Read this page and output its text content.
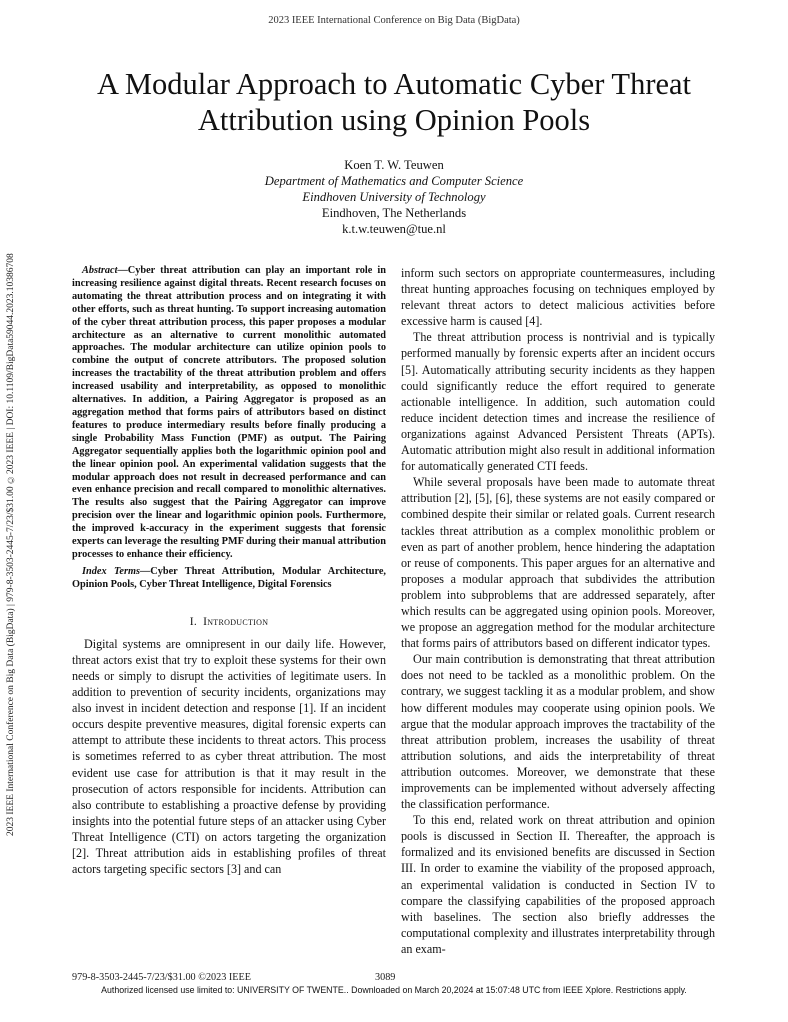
2023 IEEE International Conference on Big Data (BigData)
2023 IEEE International Conference on Big Data (BigData) | 979-8-3503-2445-7/23/$31.00 ©2023 IEEE | DOI: 10.1109/BigData59044.2023.10386708
A Modular Approach to Automatic Cyber Threat
Attribution using Opinion Pools
Koen T. W. Teuwen
Department of Mathematics and Computer Science
Eindhoven University of Technology
Eindhoven, The Netherlands
k.t.w.teuwen@tue.nl

Abstract—Cyber threat attribution can play an important role in increasing resilience against digital threats. Recent research focuses on automating the threat attribution process and on integrating it with other efforts, such as threat hunting. To support increasing automation of the cyber threat attribution process, this paper proposes a modular architecture as an alternative to current monolithic automated approaches. The modular architecture can utilize opinion pools to combine the output of concrete attributors. The proposed solution increases the tractability of the threat attribution problem and offers increased usability and interpretability, as opposed to monolithic alternatives. In addition, a Pairing Aggregator is proposed as an aggregation method that forms pairs of attributors based on distinct features to produce intermediary results before finally producing a single Probability Mass Function (PMF) as output. The Pairing Aggregator sequentially applies both the logarithmic opinion pool and the linear opinion pool. An experimental validation suggests that the modular approach does not result in decreased performance and can even enhance precision and recall compared to monolithic alternatives. The results also suggest that the Pairing Aggregator can improve precision over the linear and logarithmic opinion pools. Furthermore, the improved k-accuracy in the experiment suggests that forensic experts can leverage the resulting PMF during their manual attribution processes to enhance their efficiency.

Index Terms—Cyber Threat Attribution, Modular Architecture, Opinion Pools, Cyber Threat Intelligence, Digital Forensics

I. Introduction

Digital systems are omnipresent in our daily life. However, threat actors exist that try to exploit these systems for their own needs or simply to disrupt the activities of legitimate users. In addition to prevention of security incidents, organizations may also invest in incident detection and response [1]. If an incident occurs despite preventive measures, digital forensic experts can attempt to attribute these incidents to threat actors. This process is sometimes referred to as cyber threat attribution. The most evident use case for attribution is that it may result in the prosecution of actors responsible for incidents. Attribution can also contribute to establishing a proactive defense by providing insights into the potential future steps of an attacker using Cyber Threat Intelligence (CTI) on actors targeting the organization [2]. Threat attribution aids in establishing profiles of threat actors targeting specific sectors [3] and can

inform such sectors on appropriate countermeasures, including threat hunting approaches focusing on techniques employed by relevant threat actors to detect malicious activities before excessive harm is caused [4].

The threat attribution process is nontrivial and is typically performed manually by forensic experts after an incident occurs [5]. Automatically attributing security incidents as they happen could significantly reduce the effort required to generate actionable intelligence. In addition, such automation could reduce incident detection times and increase the resilience of organizations against Advanced Persistent Threats (APTs). Automatic attribution might also result in additional information for automatically generated CTI feeds.

While several proposals have been made to automate threat attribution [2], [5], [6], these systems are not easily compared or combined despite their similar or related goals. Current research tackles threat attribution as a complex monolithic problem or even as part of another problem, hence hindering the adaptation or reuse of components. This paper argues for an alternative and proposes a modular approach that subdivides the attribution problem into subproblems that are addressed separately, after which results can be aggregated using opinion pools. Moreover, we propose an aggregation method for the modular architecture that forms pairs of attributors based on different indicator types.

Our main contribution is demonstrating that threat attribution does not need to be tackled as a monolithic problem. On the contrary, we suggest tackling it as a modular problem, and show how different modules may cooperate using opinion pools. We argue that the modular approach improves the tractability of the threat attribution problem, increases the usability of threat attribution solutions, and aids the interpretability of threat attribution outcomes. Moreover, we demonstrate that these improvements can be implemented without adversely affecting the classification performance.

To this end, related work on threat attribution and opinion pools is discussed in Section II. Thereafter, the approach is formalized and its envisioned benefits are discussed in Section III. In order to examine the viability of the proposed approach, an experimental validation is conducted in Section IV to compare the classifying capabilities of the proposed approach with baselines. The section also briefly addresses the computational complexity and illustrates interpretability through an exam-

979-8-3503-2445-7/23/$31.00 ©2023 IEEE	3089
Authorized licensed use limited to: UNIVERSITY OF TWENTE.. Downloaded on March 20,2024 at 15:07:48 UTC from IEEE Xplore. Restrictions apply.
